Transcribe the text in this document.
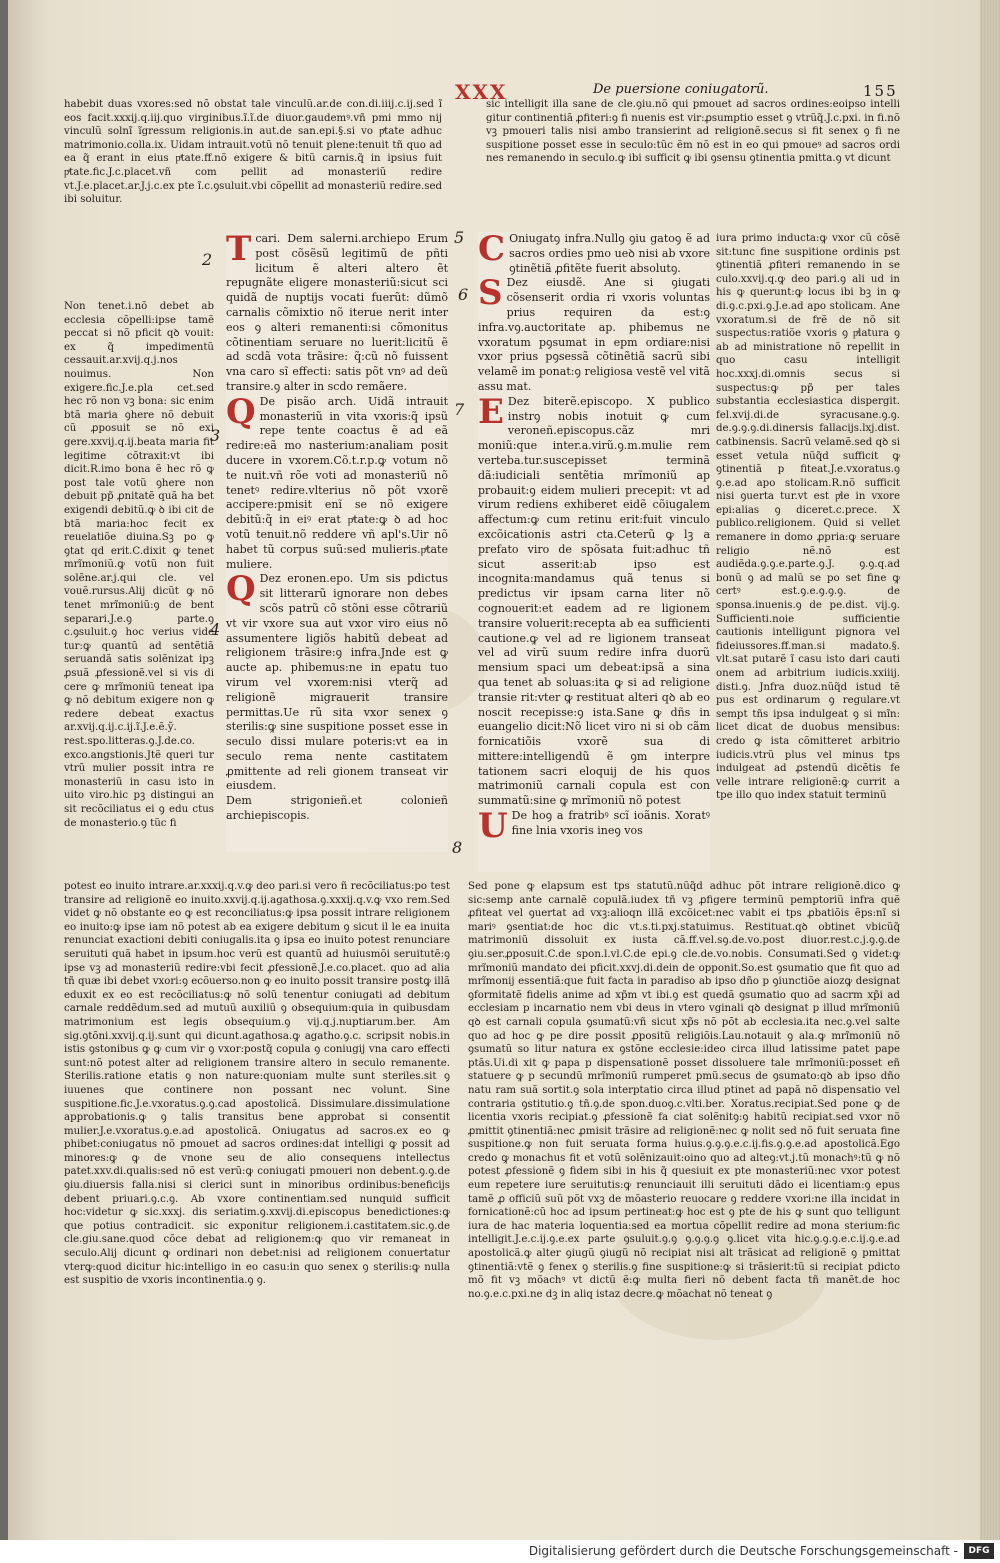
XXX	De puersione coniugatorũ.	155

habebit duas vxores:sed nõ obstat tale vinculũ.ar.de con.di.iiij.c.ij.sed ĩ eos facit.xxxij.q.iij.quo virginibus.ĩ.ĩ.de diuor.gaudemꝰ.vñ pmi mmo nij vinculũ solnĩ ĩgressum religionis.in aut.de san.epi.§.si vo pͣtate adhuc matrimonio.colla.ix. Uidam intrauit.votũ nõ tenuit plene:tenuit tñ quo ad ea q̃ erant in eius pͣtate.ff.nõ exigere & bitũ carnis.q̃ in ipsius fuit pͣtate.fic.J.c.placet.vñ com pellit ad monasteriũ redire vt.J.e.placet.ar.J.j.c.ex pte ĩ.c.ꝯsuluit.vbi cõpellit ad monasteriũ redire.sed ibi soluitur.

Non tenet.i.nõ debet ab ecclesia cõpelli:ipse tamẽ peccat si nõ pficit qꝺ vouit: ex q̃ impedimentũ cessauit.ar.xvij.q.j.nos nouimus. Non exigere.fic.J.e.pla cet.sed hec rõ non vꝫ bona: sic enim btã maria ꝯhere nõ debuit cũ ꝓposuit se nõ exi gere.xxvij.q.ij.beata maria fit legitime cõtraxit:vt ibi dicit.R.imo bona ẽ hec rõ ꝙ post tale votũ ꝯhere non debuit pp̃ ꝓnitatẽ quã ha bet exigendi debitũ.ꝙ ꝺ ibi cit de btã maria:hoc fecit ex reuelatiõe diuina.Sꝫ po ꝙ ꝯtat qd erit.C.dixit ꝙ tenet mrĩmoniũ.ꝙ votũ non fuit solẽne.ar.j.qui cle. vel vouẽ.rursus.Alij dicũt ꝙ nõ tenet mrĩmoniũ:ꝯ de bent separari.J.e.ꝯ parte.ꝯ c.ꝯsuluit.ꝯ hoc verius vide tur:ꝙ quantũ ad sentẽtiã seruandã satis solẽnizat ipꝫ ꝓsuã ꝓfessionẽ.vel si vis di cere ꝙ mrĩmoniũ teneat ipa ꝙ nõ debitum exigere non ꝙ redere debeat exactus ar.xvij.q.ij.c.ij.ĩ.J.e.ẽ.ỹ. rest.spo.litteras.ꝯ.J.de.co. exco.angstionis.Jtẽ queri tur vtrũ mulier possit intra re monasteriũ in casu isto in uito viro.hic pꝫ distingui an sit recõciliatus ei ꝯ edu ctus de monasterio.ꝯ tũc fi

Tcari. Dem salerni.archiepo Erum post cõsẽsũ legitimũ de pñti licitum ẽ alteri altero ẽt repugnãte eligere monasteriũ:sicut sci quidã de nuptijs vocati fuerũt: dũmõ carnalis cõmixtio nõ iterue nerit inter eos ꝯ alteri remanenti:si cõmonitus cõtinentiam seruare no luerit:licitũ ẽ ad scdã vota trãsire: q̃:cũ nõ fuissent vna caro sĩ effecti: satis põt vnꝰ ad deũ transire.ꝯ alter in scdo remãere.

Q De pisão arch. Uidã intrauit monasteriũ in vita vxoris:q̃ ipsũ repe tente coactus ẽ ad eã redire:eã mo nasterium:analiam posit ducere in vxorem.Cõ.t.r.p.ꝙ votum nõ te nuit.vñ rõe voti ad monasteriũ nõ tenetꝰ redire.vlterius nõ põt vxorẽ accipere:pmisit enĩ se nõ exigere debitũ:q̃ in eiꝰ erat pͣtate:ꝙ ꝺ ad hoc votũ tenuit.nõ reddere vñ apl's.Uir nõ habet tũ corpus suũ:sed mulieris.pͣtate muliere.

Q Dez eronen.epo. Um sis pdictus sit litterarũ ignorare non debes scõs patrũ cõ stõni esse cõtrariũ vt vir vxore sua aut vxor viro eius nõ assumentere ligiõs habitũ debeat ad religionem trãsire:ꝯ infra.Jnde est ꝙ aucte ap. phibemus:ne in epatu tuo virum vel vxorem:nisi vterq̃ ad religionẽ migrauerit transire permittas.Ue rũ sita vxor senex ꝯ sterilis:ꝙ sine suspitione posset esse in seculo dissi mulare poteris:vt ea in seculo rema nente castitatem ꝓmittente ad reli gionem transeat vir eiusdem.

Dem strigonieñ.et colonieñ archiepiscopis.

C Oniugatꝯ infra.Nullꝯ ꝯiu gatoꝯ ẽ ad sacros ordies pmo ueꝺ nisi ab vxore ꝯtinẽtiã ꝓfitẽte fuerit absolutꝯ.

S Dez eiusdẽ. Ane si ꝯiugati cõsenserit ordia ri vxoris voluntas prius requiren da est:ꝯ infra.vꝯ.auctoritate ap. phibemus ne vxoratum pꝯsumat in epm ordiare:nisi vxor prius pꝯsessã cõtinẽtiã sacrũ sibi velamẽ im ponat:ꝯ religiosa vestẽ vel vitã assu mat.

E Dez biterẽ.episcopo. X publico instrꝯ nobis inotuit ꝙ cum veroneñ.episcopus.cãz mri moniũ:que inter.a.virũ.ꝯ.m.mulie rem verteba.tur.suscepisset terminã dã:iudiciali sentẽtia mrĩmoniũ ap probauit:ꝯ eidem mulieri precepit: vt ad virum rediens exhiberet eidẽ cõiugalem affectum:ꝙ cum retinu erit:fuit vinculo excõicationis astri cta.Ceterũ ꝙ lꝫ a prefato viro de spõsata fuit:adhuc tñ sicut asserit:ab ipso est incognita:mandamus quã tenus si predictus vir ipsam carna liter nõ cognouerit:et eadem ad re ligionem transire voluerit:recepta ab ea sufficienti cautione.ꝙ vel ad re ligionem transeat vel ad virũ suum redire infra duorũ mensium spaci um debeat:ipsã a sina qua tenet ab soluas:ita ꝙ si ad religione transie rit:vter ꝙ restituat alteri qꝺ ab eo noscit recepisse:ꝯ ista.Sane ꝙ dñs in euangelio dicit:Nõ licet viro ni si ob cãm fornicatiõis vxorẽ sua di mittere:intelligendũ ẽ ꝯm interpre tationem sacri eloquij de his quos matrimoniũ carnali copula est con summatũ:sine ꝙ mrĩmoniũ nõ potest

U De hoꝯ a fratribꝰ scĩ ioãnis. Xoratꝰ fine lnia vxoris ineꝯ vos

sic intelligit illa sane de cle.ꝯiu.nõ qui pmouet ad sacros ordines:eoipso intelli gitur continentiã ꝓfiteri:ꝯ fi nuenis est vir:ꝓsumptio esset ꝯ vtrũq̃.J.c.pxi. in fi.nõ vꝫ pmoueri talis nisi ambo transierint ad religionẽ.secus si fit senex ꝯ fi ne suspitione posset esse in seculo:tũc ẽm nõ est in eo qui pmoueꝰ ad sacros ordi nes remanendo in seculo.ꝙ ibi sufficit ꝙ ibi ꝯsensu ꝯtinentia pmitta.ꝯ vt dicunt

iura primo inducta:ꝙ vxor cũ cõsẽ sit:tunc fine suspitione ordinis pst ꝯtinentiã ꝓfiteri remanendo in se culo.xxvij.q.ꝙ deo pari.ꝯ ali ud in his ꝙ querunt:ꝙ locus ibi bꝫ in ꝙ di.ꝯ.c.pxi.ꝯ.J.e.ad apo stolicam. Ane vxoratum.si de frẽ de nõ sit suspectus:ratiõe vxoris ꝯ pͣlatura ꝯ ab ad ministratione nõ repellit in quo casu intelligit hoc.xxxj.di.omnis secus si suspectus:ꝙ pp̃ per tales substantia ecclesiastica dispergit. fel.xvij.di.de syracusane.ꝯ.ꝯ. de.ꝯ.ꝯ.ꝯ.di.dinersis fallacijs.lxj.dist. catbinensis. Sacrũ velamẽ.sed qꝺ si esset vetula nũq̃d sufficit ꝙ ꝯtinentiã p fiteat.J.e.vxoratus.ꝯ ꝯ.e.ad apo stolicam.R.nõ sufficit nisi ꝯuerta tur.vt est pͣle in vxore epi:alias ꝯ diceret.c.prece. X publico.religionem. Quid si vellet remanere in domo ꝓpria:ꝙ seruare religio nẽ.nõ est audiẽda.ꝯ.ꝯ.e.parte.ꝯ.J. ꝯ.ꝯ.q.ad bonũ ꝯ ad malũ se po set fine ꝙ certꝰ est.ꝯ.e.ꝯ.ꝯ.ꝯ. de sponsa.inuenis.ꝯ de pe.dist. vij.ꝯ. Sufficienti.noie sufficientie cautionis intelligunt pignora vel fideiussores.ff.man.si madato.§. vlt.sat putarẽ ĩ casu isto dari cauti onem ad arbitrium iudicis.xxiiij. disti.ꝯ. Jnfra duoz.nũq̃d istud tẽ pus est ordinarum ꝯ regulare.vt sempt tñs ipsa indulgeat ꝯ si mĩn: licet dicat de duobus mensibus: credo ꝙ ista cõmitteret arbitrio iudicis.vtrũ plus vel minus tps indulgeat ad ꝓstendũ dicẽtis fe velle intrare religionẽ:ꝙ currit a tpe illo quo index statuit terminũ

potest eo inuito intrare.ar.xxxij.q.v.ꝙ deo pari.si vero ñ recõciliatus:po test transire ad religionẽ eo inuito.xxvij.q.ij.agathosa.ꝯ.xxxij.q.v.ꝙ vxo rem.Sed videt ꝙ nõ obstante eo ꝙ est reconciliatus:ꝙ ipsa possit intrare religionem eo inuito:ꝙ ipse iam nõ potest ab ea exigere debitum ꝯ sicut il le ea inuita renunciat exactioni debiti coniugalis.ita ꝯ ipsa eo inuito potest renunciare seruituti quã habet in ipsum.hoc verũ est quantũ ad huiusmõi seruitutẽ:ꝯ ipse vꝫ ad monasteriũ redire:vbi fecit ꝓfessionẽ.J.e.co.placet. quo ad alia tñ quæ ibi debet vxori:ꝯ ecõuerso.non ꝙ eo inuito possit transire postꝙ illã eduxit ex eo est recõciliatus:ꝙ nõ solũ tenentur coniugati ad debitum carnale reddẽdum.sed ad mutuũ auxiliũ ꝯ obsequium:quia in quibusdam matrimonium est legis obsequium.ꝯ vij.q.j.nuptiarum.ber. Am sig.ꝯtõni.xxvij.q.ij.sunt qui dicunt.agathosa.ꝙ agatho.ꝯ.c. scripsit nobis.in istis ꝯstonibus ꝙ ꝙ cum vir ꝯ vxor:postq̃ copula ꝯ coniugij vna caro effecti sunt:nõ potest alter ad religionem transire altero in seculo remanente. Sterilis.ratione etatis ꝯ non nature:quoniam multe sunt steriles.sit ꝯ iuuenes que continere non possant nec volunt. Sine suspitione.fic.J.e.vxoratus.ꝯ.ꝯ.cad apostolicã. Dissimulare.dissimulatione approbationis.ꝙ ꝯ talis transitus bene approbat si consentit mulier.J.e.vxoratus.ꝯ.e.ad apostolicã. Oniugatus ad sacros.ex eo ꝙ phibet:coniugatus nõ pmouet ad sacros ordines:dat intelligi ꝙ possit ad minores:ꝙ ꝙ de vnone seu de alio consequens intellectus patet.xxv.di.qualis:sed nõ est verũ:ꝙ coniugati pmoueri non debent.ꝯ.ꝯ.de ꝯiu.diuersis falla.nisi si clerici sunt in minoribus ordinibus:beneficijs debent priuari.ꝯ.c.ꝯ. Ab vxore continentiam.sed nunquid sufficit hoc:videtur ꝙ sic.xxxj. dis seriatim.ꝯ.xxvij.di.episcopus benedictiones:ꝙ que potius contradicit. sic exponitur religionem.i.castitatem.sic.ꝯ.de cle.giu.sane.quod cõce debat ad religionem:ꝙ quo vir remaneat in seculo.Alij dicunt ꝙ ordinari non debet:nisi ad religionem conuertatur vterꝙ:quod dicitur hic:intelligo in eo casu:in quo senex ꝯ sterilis:ꝙ nulla est suspitio de vxoris incontinentia.ꝯ ꝯ.

Sed pone ꝙ elapsum est tps statutũ.nũq̃d adhuc põt intrare religionẽ.dico ꝙ sic:semp ante carnalẽ copulã.iudex tñ vꝫ ꝓfigere terminũ pemptoriũ infra quẽ ꝓfiteat vel ꝯuertat ad vxꝫ:alioqn illã excõicet:nec vabit ei tps ꝓbatiõis ẽps:nĩ si mariꝰ ꝯsentiat:de hoc dic vt.s.ti.pxj.statuimus. Restituat.qꝺ obtinet vbicũq̃ matrimoniũ dissoluit ex iusta cã.ff.vel.sꝯ.de.vo.post diuor.rest.c.j.ꝯ.ꝯ.de ꝯiu.ser.ꝓposuit.C.de spon.l.vl.C.de epi.ꝯ cle.de.vo.nobis. Consumati.Sed ꝯ videt:ꝙ mrĩmoniũ mandato dei pficit.xxvj.di.dein de opponit.So.est ꝯsumatio que fit quo ad mrĩmonij essentiã:que fuit facta in paradiso ab ipso dño p ꝯiunctiõe aiozꝙ designat ꝯformitatẽ fidelis anime ad xp̃m vt ibi.ꝯ est quedã ꝯsumatio quo ad sacrm xp̃i ad ecclesiam p incarnatio nem vbi deus in vtero vginali qꝺ designat p illud mrĩmoniũ qꝺ est carnali copula ꝯsumatũ:vñ sicut xp̃s nõ põt ab ecclesia.ita nec.ꝯ.vel salte quo ad hoc ꝙ pe dire possit ꝓpositũ religiõis.Lau.notauit ꝯ ala.ꝙ mrĩmoniũ nõ ꝯsumatũ so litur natura ex ꝯstõne ecclesie:ideo circa illud latissime patet pape ptãs.Ui.di xit ꝙ papa p dispensationẽ posset dissoluere tale mrĩmoniũ:posset eñ statuere ꝙ p secundũ mrĩmoniũ rumperet pmũ.secus de ꝯsumato:qꝺ ab ipso dño natu ram suã sortit.ꝯ sola interptatio circa illud ptinet ad papã nõ dispensatio vel contraria ꝯstitutio.ꝯ tñ.ꝯ.de spon.duoꝯ.c.vlti.ber. Xoratus.recipiat.Sed pone ꝙ de licentia vxoris recipiat.ꝯ ꝓfessionẽ fa ciat solẽnitꝯ:ꝯ habitũ recipiat.sed vxor nõ ꝓmittit ꝯtinentiã:nec ꝓmisit trãsire ad religionẽ:nec ꝙ nolit sed nõ fuit seruata fine suspitione.ꝙ non fuit seruata forma huius.ꝯ.ꝯ.ꝯ.e.c.ij.fis.ꝯ.ꝯ.e.ad apostolicã.Ego credo ꝙ monachus fit et votũ solẽnizauit:oino quo ad alteꝯ:vt.j.tũ monachꝰ:tũ ꝙ nõ potest ꝓfessionẽ ꝯ fidem sibi in his q̃ quesiuit ex pte monasteriũ:nec vxor potest eum repetere iure seruitutis:ꝙ renunciauit illi seruituti dãdo ei licentiam:ꝯ epus tamẽ ꝓ officiũ suũ põt vxꝫ de mõasterio reuocare ꝯ reddere vxori:ne illa incidat in fornicationẽ:cũ hoc ad ipsum pertineat:ꝙ hoc est ꝯ pte de his ꝙ sunt quo telligunt iura de hac materia loquentia:sed ea mortua cõpellit redire ad mona sterium:fic intelligit.J.e.c.ij.ꝯ.e.ex parte ꝯsuluit.ꝯ.ꝯ ꝯ.ꝯ.ꝯ.ꝯ ꝯ.licet vita hic.ꝯ.ꝯ.ꝯ.e.c.ij.ꝯ.e.ad apostolicã.ꝙ alter ꝯiugũ ꝯiugũ nõ recipiat nisi alt trãsicat ad religionẽ ꝯ pmittat ꝯtinentiã:vtẽ ꝯ fenex ꝯ sterilis.ꝯ fine suspitione:ꝙ si trãsierit:tũ si recipiat pdicto mõ fit vꝫ mõachꝰ vt dictũ ẽ:ꝙ multa fieri nõ debent facta tñ manẽt.de hoc no.ꝯ.e.c.pxi.ne dꝫ in aliq istaz decre.ꝙ mõachat nõ teneat ꝯ

2
3
4
5
6
7
8
Digitalisierung gefördert durch die Deutsche Forschungsgemeinschaft -	DFG
